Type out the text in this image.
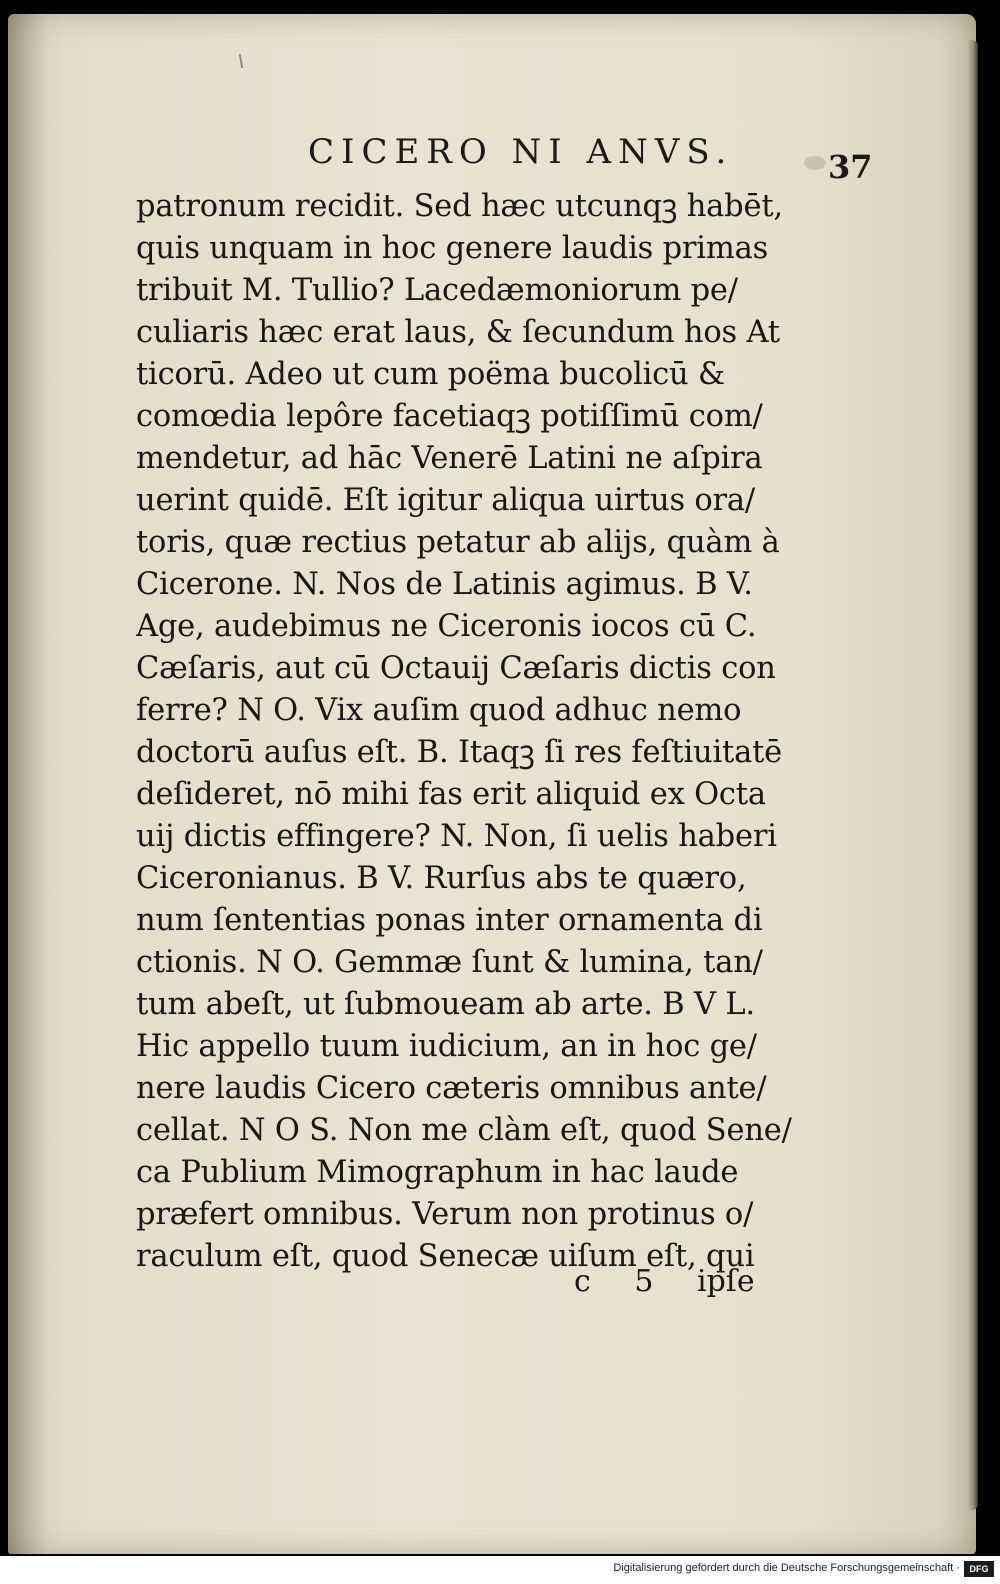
CICERO NI ANVS.	37
patronum recidit. Sed hæc utcunqꝫ habēt,
quis unquam in hoc genere laudis primas
tribuit M. Tullio? Lacedæmoniorum pe/
culiaris hæc erat laus, & ſecundum hos At
ticorū. Adeo ut cum poëma bucolicū &
comœdia lepôre facetiaqꝫ potiſſimū com/
mendetur, ad hāc Venerē Latini ne aſpira
uerint quidē. Eſt igitur aliqua uirtus ora/
toris, quæ rectius petatur ab alijs, quàm à
Cicerone. N. Nos de Latinis agimus. B V.
Age, audebimus ne Ciceronis iocos cū C.
Cæſaris, aut cū Octauij Cæſaris dictis con
ferre? N O. Vix auſim quod adhuc nemo
doctorū auſus eſt. B. Itaqꝫ ſi res feſtiuitatē
deſideret, nō mihi fas erit aliquid ex Octa
uij dictis effingere? N. Non, ſi uelis haberi
Ciceronianus. B V. Rurſus abs te quæro,
num ſententias ponas inter ornamenta di
ctionis. N O. Gemmæ ſunt & lumina, tan/
tum abeſt, ut ſubmoueam ab arte. B V L.
Hic appello tuum iudicium, an in hoc ge/
nere laudis Cicero cæteris omnibus ante/
cellat. N O S. Non me clàm eſt, quod Sene/
ca Publium Mimographum in hac laude
præfert omnibus. Verum non protinus o/
raculum eſt, quod Senecæ uiſum eſt, qui
c 5 ipſe
Digitalisierung gefördert durch die Deutsche Forschungsgemeinschaft ·	DFG
